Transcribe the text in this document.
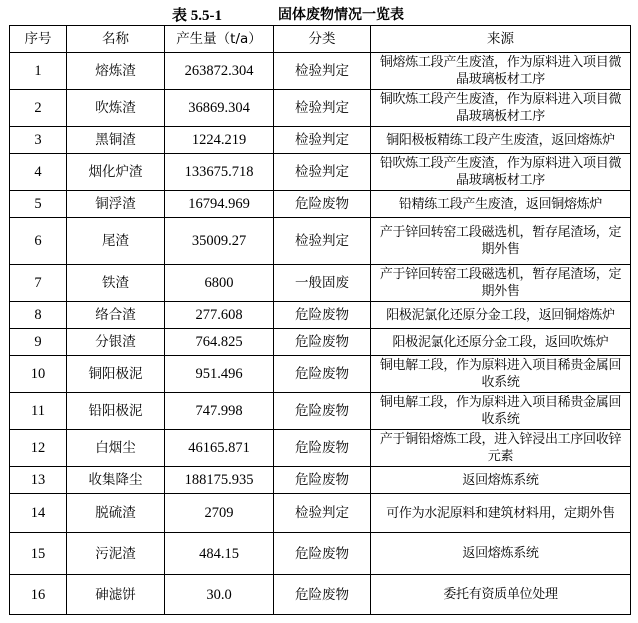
表 5.5-1	固体废物情况一览表
序号	名称	产生量（t/a）	分类	来源
1	熔炼渣	263872.304	检验判定	铜熔炼工段产生废渣，作为原料进入项目微晶玻璃板材工序
2	吹炼渣	36869.304	检验判定	铜吹炼工段产生废渣，作为原料进入项目微晶玻璃板材工序
3	黑铜渣	1224.219	检验判定	铜阳极板精练工段产生废渣，返回熔炼炉
4	烟化炉渣	133675.718	检验判定	铅吹炼工段产生废渣，作为原料进入项目微晶玻璃板材工序
5	铜浮渣	16794.969	危险废物	铅精练工段产生废渣，返回铜熔炼炉
6	尾渣	35009.27	检验判定	产于锌回转窑工段磁选机，暂存尾渣场，定期外售
7	铁渣	6800	一般固废	产于锌回转窑工段磁选机，暂存尾渣场，定期外售
8	络合渣	277.608	危险废物	阳极泥氯化还原分金工段，返回铜熔炼炉
9	分银渣	764.825	危险废物	阳极泥氯化还原分金工段，返回吹炼炉
10	铜阳极泥	951.496	危险废物	铜电解工段，作为原料进入项目稀贵金属回收系统
11	铅阳极泥	747.998	危险废物	铜电解工段，作为原料进入项目稀贵金属回收系统
12	白烟尘	46165.871	危险废物	产于铜铅熔炼工段，进入锌浸出工序回收锌元素
13	收集降尘	188175.935	危险废物	返回熔炼系统
14	脱硫渣	2709	检验判定	可作为水泥原料和建筑材料用，定期外售
15	污泥渣	484.15	危险废物	返回熔炼系统
16	砷滤饼	30.0	危险废物	委托有资质单位处理
